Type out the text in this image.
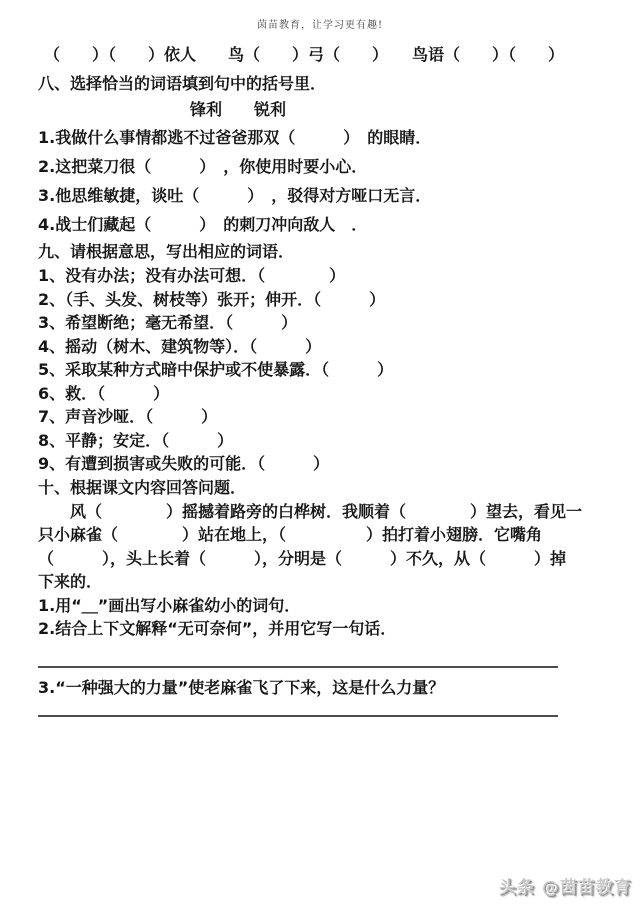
茵苗教育，让学习更有趣!
（　　）（　　）依人　　鸟（　　）弓（　　）　　鸟语（　　）（　　）
八、选择恰当的词语填到句中的括号里．
锋利　　锐利
1.我做什么事情都逃不过爸爸那双（　　　）　的眼睛．
2.这把菜刀很（　　　）　，你使用时要小心．
3.他思维敏捷，谈吐（　　　）　，驳得对方哑口无言．
4.战士们藏起（　　　）　的刺刀冲向敌人　．
九、请根据意思，写出相应的词语．
1、没有办法；没有办法可想．（　　　　）
2、（手、头发、树枝等）张开；伸开．（　　　）
3、希望断绝；毫无希望．（　　　）
4、摇动（树木、建筑物等）．（　　　）
5、采取某种方式暗中保护或不使暴露．（　　　）
6、救．（　　　）
7、声音沙哑．（　　　）
8、平静；安定．（　　　）
9、有遭到损害或失败的可能．（　　　）
十、根据课文内容回答问题．
　　风（　　　　）摇撼着路旁的白桦树．我顺着（　　　　）望去，看见一
只小麻雀（　　　　）站在地上，（　　　　　）拍打着小翅膀．它嘴角
（　　　），头上长着（　　　），分明是（　　　）不久，从（　　　）掉
下来的．
1.用“＿”画出写小麻雀幼小的词句．
2.结合上下文解释“无可奈何”，并用它写一句话．
3.“一种强大的力量”使老麻雀飞了下来，这是什么力量？
头条 @茵苗教育
